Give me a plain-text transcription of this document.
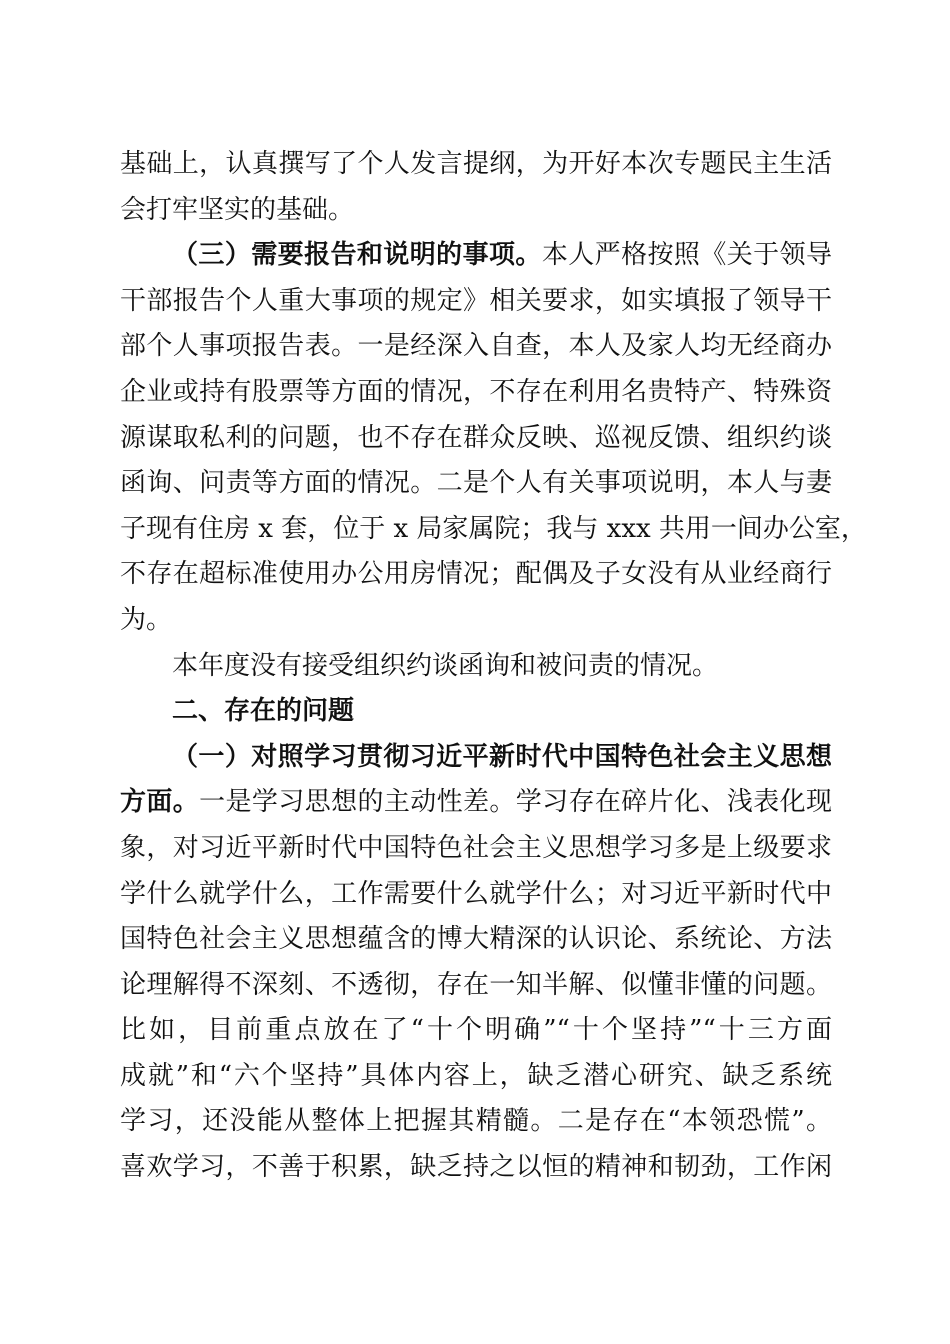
基础上，认真撰写了个人发言提纲，为开好本次专题民主生活
会打牢坚实的基础。
（三）需要报告和说明的事项。本人严格按照《关于领导
干部报告个人重大事项的规定》相关要求，如实填报了领导干
部个人事项报告表。一是经深入自查，本人及家人均无经商办
企业或持有股票等方面的情况，不存在利用名贵特产、特殊资
源谋取私利的问题，也不存在群众反映、巡视反馈、组织约谈
函询、问责等方面的情况。二是个人有关事项说明，本人与妻
子现有住房 x 套，位于 x 局家属院；我与 xxx 共用一间办公室，
不存在超标准使用办公用房情况；配偶及子女没有从业经商行
为。
本年度没有接受组织约谈函询和被问责的情况。
二、存在的问题
（一）对照学习贯彻习近平新时代中国特色社会主义思想
方面。一是学习思想的主动性差。学习存在碎片化、浅表化现
象，对习近平新时代中国特色社会主义思想学习多是上级要求
学什么就学什么，工作需要什么就学什么；对习近平新时代中
国特色社会主义思想蕴含的博大精深的认识论、系统论、方法
论理解得不深刻、不透彻，存在一知半解、似懂非懂的问题。
比如，目前重点放在了“十个明确”“十个坚持”“十三方面
成就”和“六个坚持”具体内容上，缺乏潜心研究、缺乏系统
学习，还没能从整体上把握其精髓。二是存在“本领恐慌”。
喜欢学习，不善于积累，缺乏持之以恒的精神和韧劲，工作闲
